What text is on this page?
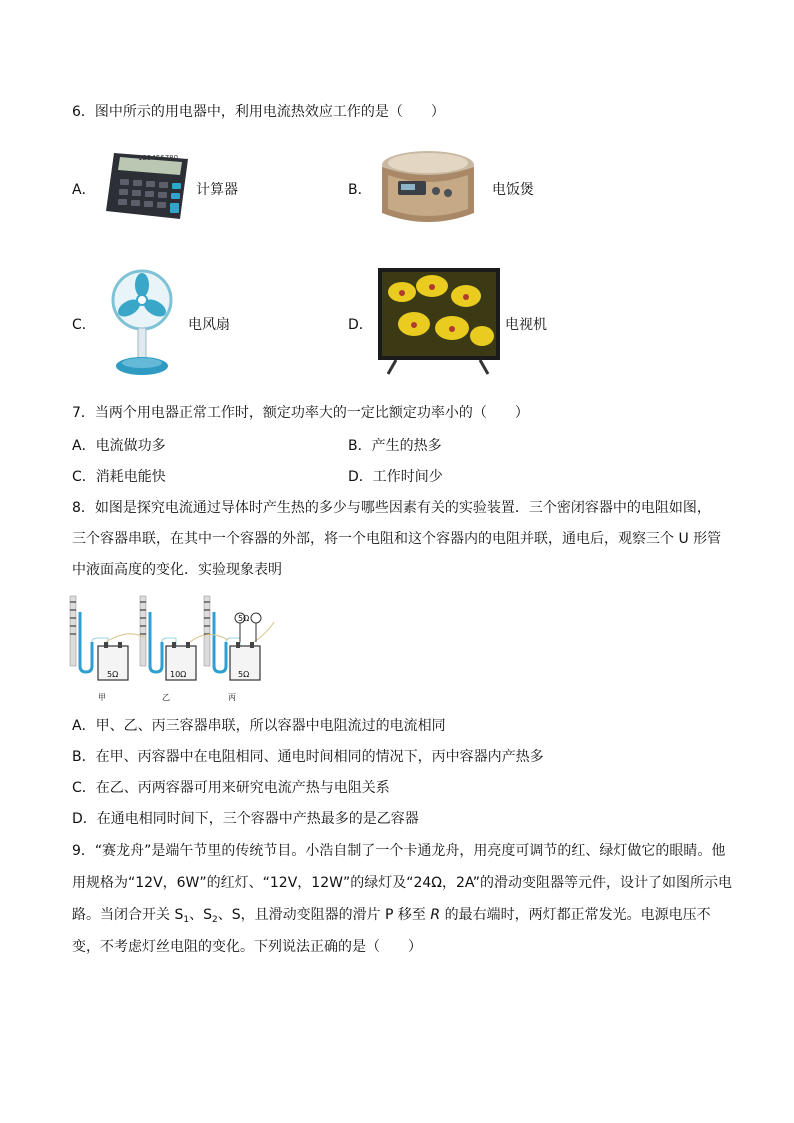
6．图中所示的用电器中，利用电流热效应工作的是（　　）
A．
123456780
计算器	B．	电饭煲
C．	电风扇	D．	电视机
7．当两个用电器正常工作时，额定功率大的一定比额定功率小的（　　）
A．电流做功多	B．产生的热多
C．消耗电能快	D．工作时间少
8．如图是探究电流通过导体时产生热的多少与哪些因素有关的实验装置．三个密闭容器中的电阻如图，
三个容器串联，在其中一个容器的外部，将一个电阻和这个容器内的电阻并联，通电后，观察三个 U 形管
中液面高度的变化．实验现象表明
5Ω	10Ω	5Ω
5Ω
甲	乙	丙
A．甲、乙、丙三容器串联，所以容器中电阻流过的电流相同
B．在甲、丙容器中在电阻相同、通电时间相同的情况下，丙中容器内产热多
C．在乙、丙两容器可用来研究电流产热与电阻关系
D．在通电相同时间下，三个容器中产热最多的是乙容器
9．“赛龙舟”是端午节里的传统节目。小浩自制了一个卡通龙舟，用亮度可调节的红、绿灯做它的眼睛。他
用规格为“12V，6W”的红灯、“12V，12W”的绿灯及“24Ω，2A”的滑动变阻器等元件，设计了如图所示电
路。当闭合开关 $S_1$、$S_2$、S，且滑动变阻器的滑片 P 移至 R 的最右端时，两灯都正常发光。电源电压不
变，不考虑灯丝电阻的变化。下列说法正确的是（　　）
